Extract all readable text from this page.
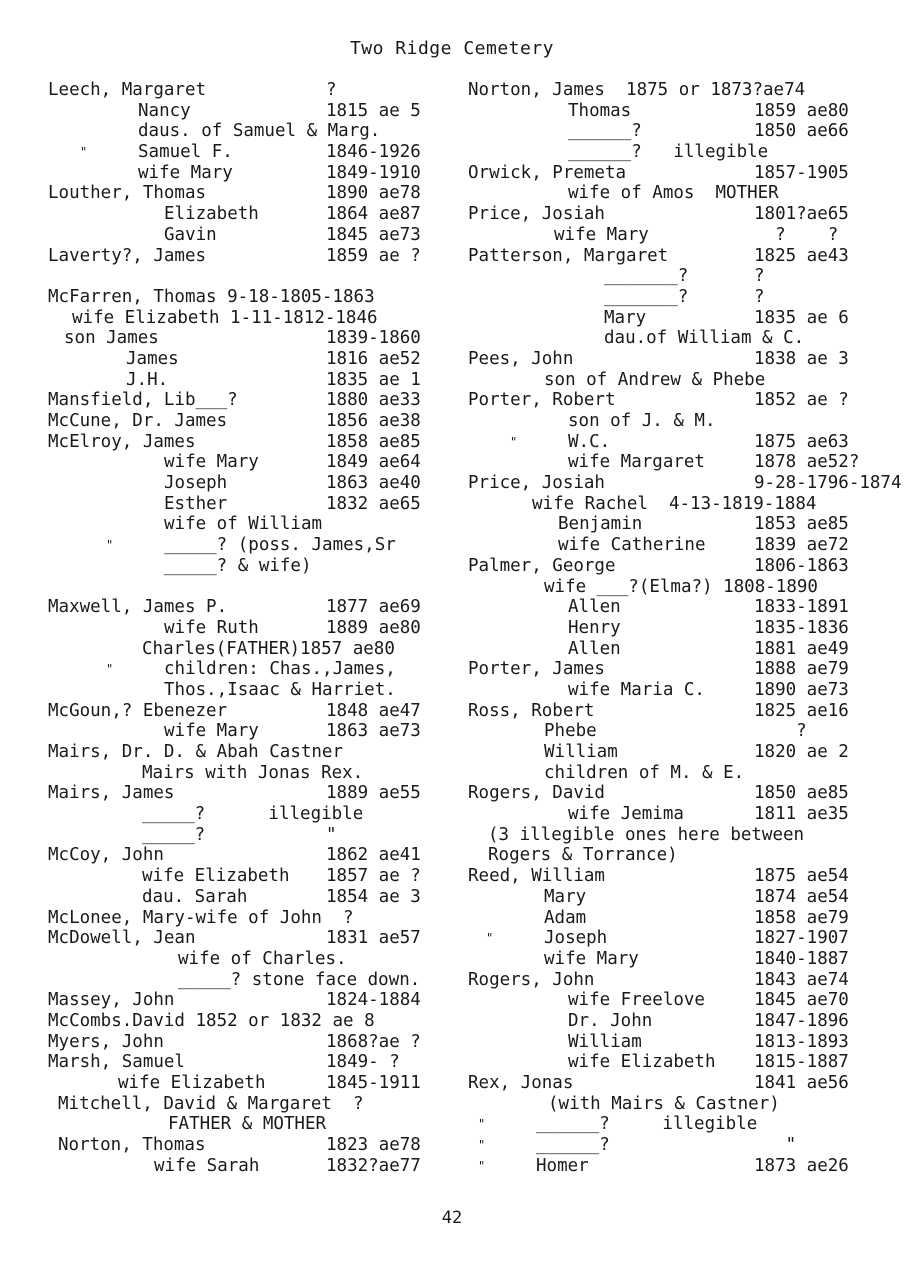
Two Ridge Cemetery
Leech, Margaret	?
Nancy	1815 ae 5
daus. of Samuel & Marg.
"	Samuel F.	1846-1926
wife Mary	1849-1910
Louther, Thomas	1890 ae78
Elizabeth	1864 ae87
Gavin	1845 ae73
Laverty?, James	1859 ae ?
McFarren, Thomas 9-18-1805-1863
wife Elizabeth 1-11-1812-1846
son James	1839-1860
James	1816 ae52
J.H.	1835 ae 1
Mansfield, Lib___?	1880 ae33
McCune, Dr. James	1856 ae38
McElroy, James	1858 ae85
wife Mary	1849 ae64
Joseph	1863 ae40
Esther	1832 ae65
wife of William
"	_____? (poss. James,Sr
_____? & wife)
Maxwell, James P.	1877 ae69
wife Ruth	1889 ae80
Charles(FATHER)1857 ae80
"	children: Chas.,James,
Thos.,Isaac & Harriet.
McGoun,? Ebenezer	1848 ae47
wife Mary	1863 ae73
Mairs, Dr. D. & Abah Castner
Mairs with Jonas Rex.
Mairs, James	1889 ae55
_____?      illegible
_____?	"
McCoy, John	1862 ae41
wife Elizabeth 1857 ae ?
dau. Sarah	1854 ae 3
McLonee, Mary-wife of John  ?
McDowell, Jean	1831 ae57
wife of Charles.
_____? stone face down.
Massey, John	1824-1884
McCombs.David 1852 or 1832 ae 8
Myers, John	1868?ae ?
Marsh, Samuel	1849- ?
wife Elizabeth	1845-1911
Mitchell, David & Margaret  ?
FATHER & MOTHER
Norton, Thomas	1823 ae78
wife Sarah	1832?ae77
Norton, James  1875 or 1873?ae74
Thomas	1859 ae80
______?	1850 ae66
______?   illegible
Orwick, Premeta	1857-1905
wife of Amos  MOTHER
Price, Josiah	1801?ae65
wife Mary	?    ?
Patterson, Margaret	1825 ae43
_______?	?
_______?	?
Mary	1835 ae 6
dau.of William & C.
Pees, John	1838 ae 3
son of Andrew & Phebe
Porter, Robert	1852 ae ?
son of J. & M.
"	W.C.	1875 ae63
wife Margaret	1878 ae52?
Price, Josiah	9-28-1796-1874
wife Rachel  4-13-1819-1884
Benjamin	1853 ae85
wife Catherine	1839 ae72
Palmer, George	1806-1863
wife ___?(Elma?) 1808-1890
Allen	1833-1891
Henry	1835-1836
Allen	1881 ae49
Porter, James	1888 ae79
wife Maria C.	1890 ae73
Ross, Robert	1825 ae16
Phebe	?
William	1820 ae 2
children of M. & E.
Rogers, David	1850 ae85
wife Jemima	1811 ae35
(3 illegible ones here between
Rogers & Torrance)
Reed, William	1875 ae54
Mary	1874 ae54
Adam	1858 ae79
"	Joseph	1827-1907
wife Mary	1840-1887
Rogers, John	1843 ae74
wife Freelove	1845 ae70
Dr. John	1847-1896
William	1813-1893
wife Elizabeth 1815-1887
Rex, Jonas	1841 ae56
(with Mairs & Castner)
"	______?     illegible
"	______?	"
"	Homer	1873 ae26
42
